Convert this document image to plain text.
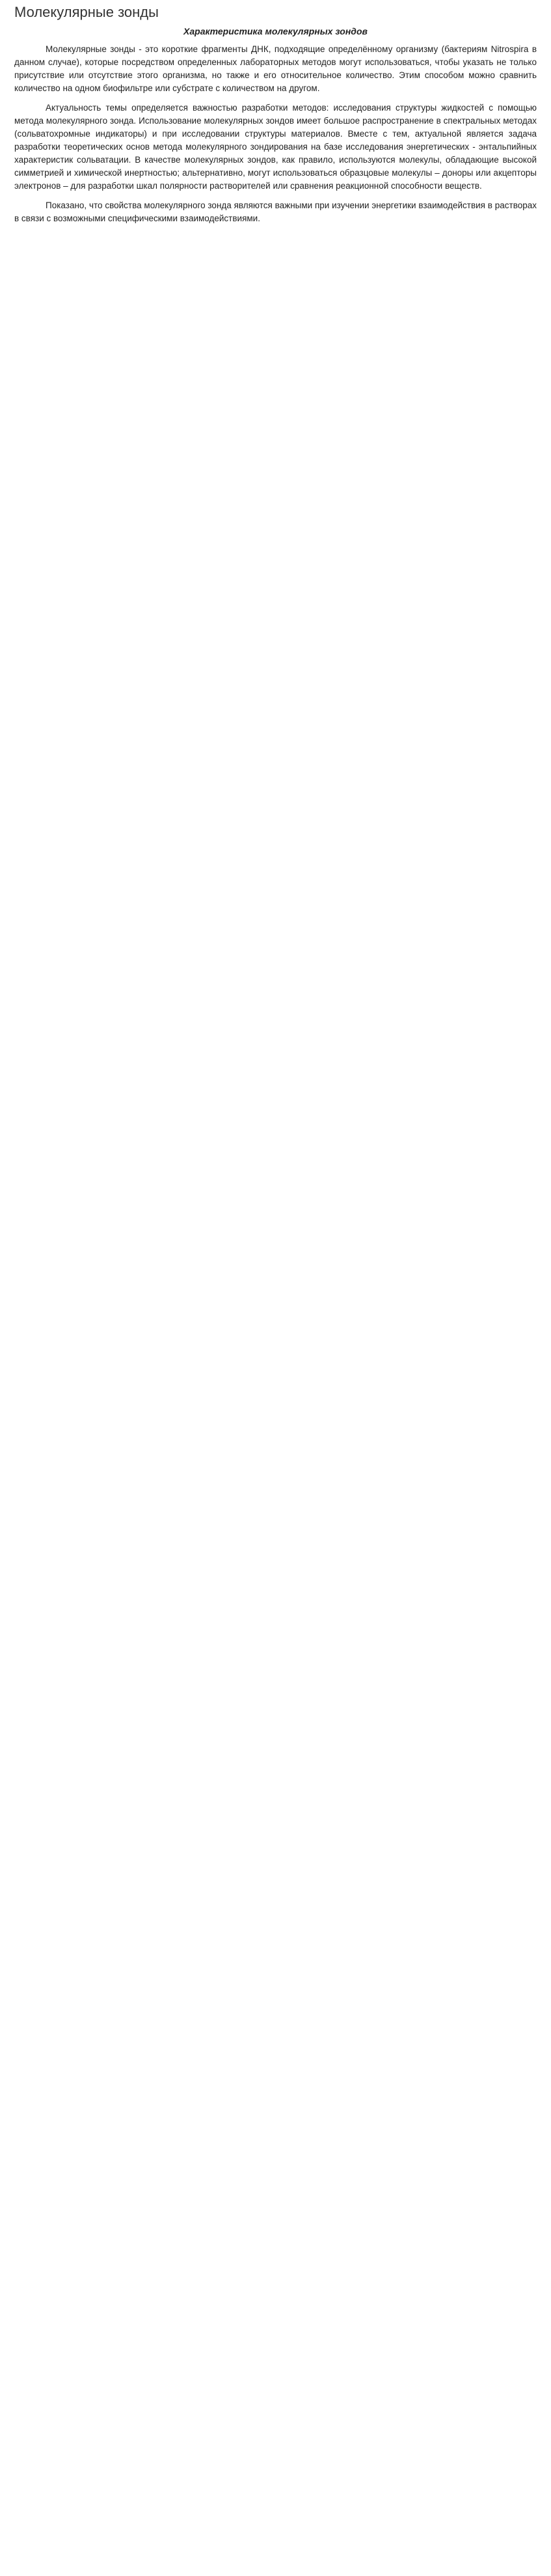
Молекулярные зонды
Характеристика молекулярных зондов

Молекулярные зонды - это короткие фрагменты ДНК, подходящие определённому организму (бактериям Nitrospira в данном случае), которые посредством определенных лабораторных методов могут использоваться, чтобы указать не только присутствие или отсутствие этого организма, но также и его относительное количество. Этим способом можно сравнить количество на одном биофильтре или субстрате с количеством на другом.

Актуальность темы определяется важностью разработки методов: исследования структуры жидкостей с помощью метода молекулярного зонда. Использование молекулярных зондов имеет большое распространение в спектральных методах (сольватохромные индикаторы) и при исследовании структуры материалов. Вместе с тем, актуальной является задача разработки теоретических основ метода молекулярного зондирования на базе исследования энергетических - энтальпийных характеристик сольватации. В качестве молекулярных зондов, как правило, используются молекулы, обладающие высокой симметрией и химической инертностью; альтернативно, могут использоваться образцовые молекулы – доноры или акцепторы электронов – для разработки шкал полярности растворителей или сравнения реакционной способности веществ.

Показано, что свойства молекулярного зонда являются важными при изучении энергетики взаимодействия в растворах в связи с возможными специфическими взаимодействиями.
